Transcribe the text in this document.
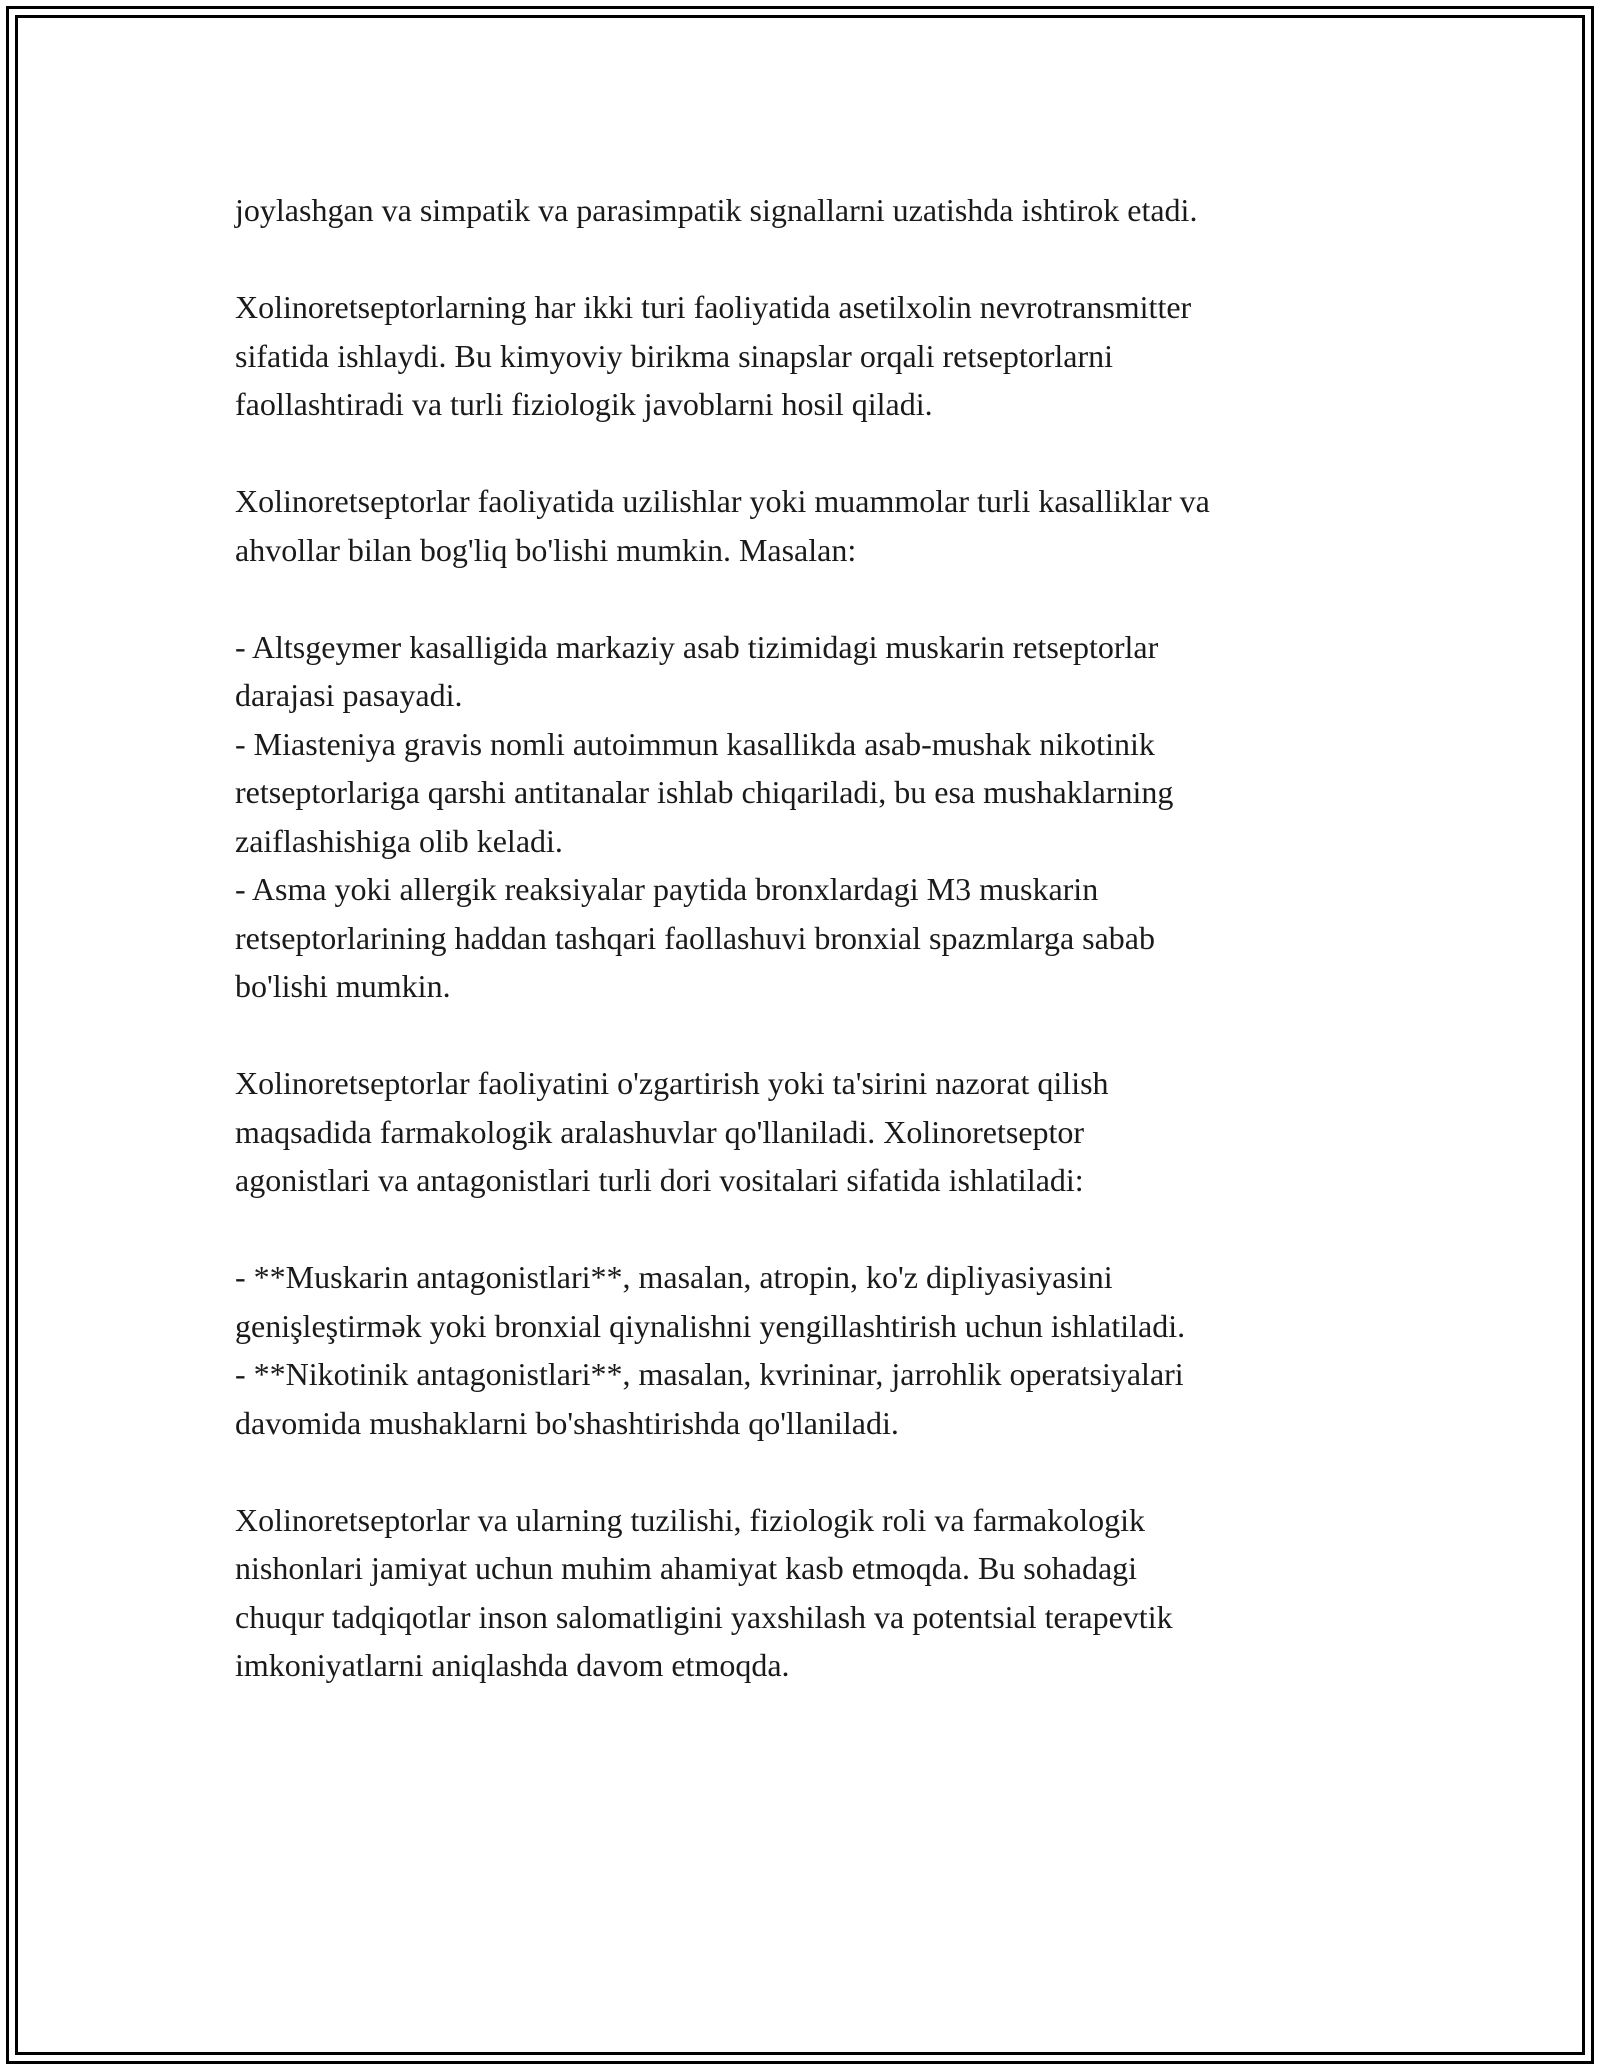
joylashgan va simpatik va parasimpatik signallarni uzatishda ishtirok etadi.

Xolinoretseptorlarning har ikki turi faoliyatida asetilxolin nevrotransmitter
sifatida ishlaydi. Bu kimyoviy birikma sinapslar orqali retseptorlarni
faollashtiradi va turli fiziologik javoblarni hosil qiladi.

Xolinoretseptorlar faoliyatida uzilishlar yoki muammolar turli kasalliklar va
ahvollar bilan bog'liq bo'lishi mumkin. Masalan:

- Altsgeymer kasalligida markaziy asab tizimidagi muskarin retseptorlar
darajasi pasayadi.
- Miasteniya gravis nomli autoimmun kasallikda asab-mushak nikotinik
retseptorlariga qarshi antitanalar ishlab chiqariladi, bu esa mushaklarning
zaiflashishiga olib keladi.
- Asma yoki allergik reaksiyalar paytida bronxlardagi M3 muskarin
retseptorlarining haddan tashqari faollashuvi bronxial spazmlarga sabab
bo'lishi mumkin.

Xolinoretseptorlar faoliyatini o'zgartirish yoki ta'sirini nazorat qilish
maqsadida farmakologik aralashuvlar qo'llaniladi. Xolinoretseptor
agonistlari va antagonistlari turli dori vositalari sifatida ishlatiladi:

- **Muskarin antagonistlari**, masalan, atropin, ko'z dipliyasiyasini
genişleştirmək yoki bronxial qiynalishni yengillashtirish uchun ishlatiladi.
- **Nikotinik antagonistlari**, masalan, kvrininar, jarrohlik operatsiyalari
davomida mushaklarni bo'shashtirishda qo'llaniladi.

Xolinoretseptorlar va ularning tuzilishi, fiziologik roli va farmakologik
nishonlari jamiyat uchun muhim ahamiyat kasb etmoqda. Bu sohadagi
chuqur tadqiqotlar inson salomatligini yaxshilash va potentsial terapevtik
imkoniyatlarni aniqlashda davom etmoqda.
